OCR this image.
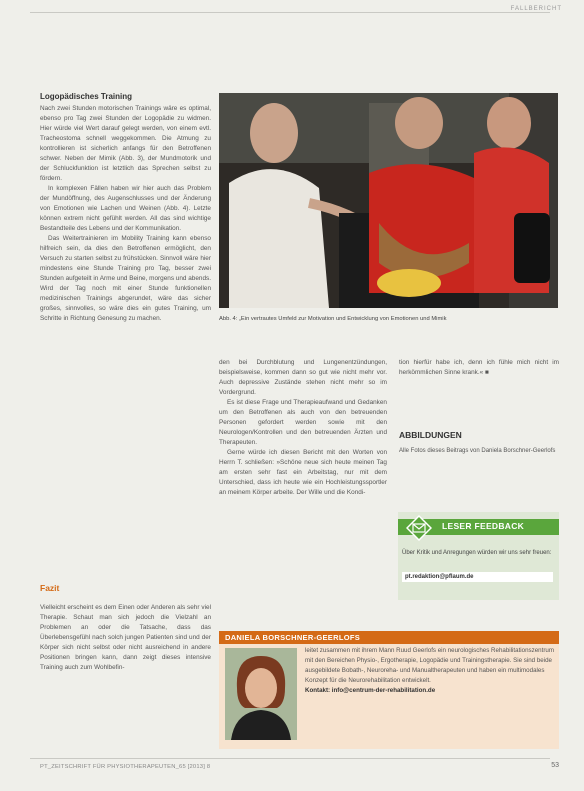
FALLBERICHT

Logopädisches Training

Nach zwei Stunden motorischen Trainings wäre es optimal, ebenso pro Tag zwei Stunden der Logopädie zu widmen. Hier würde viel Wert darauf gelegt werden, von einem evtl. Tracheostoma schnell weggekommen. Die Atmung zu kontrollieren ist sicherlich anfangs für den Betroffenen schwer. Neben der Mimik (Abb. 3), der Mundmotorik und der Schluckfunktion ist letztlich das Sprechen selbst zu fördern.

In komplexen Fällen haben wir hier auch das Problem der Mundöffnung, des Augenschlusses und der Änderung von Emotionen wie Lachen und Weinen (Abb. 4). Letzte können extrem nicht gefühlt werden. All das sind wichtige Bestandteile des Lebens und der Kommunikation.

Das Weitertrainieren im Mobility Training kann ebenso hilfreich sein, da dies den Betroffenen ermöglicht, den Versuch zu starten selbst zu frühstücken. Sinnvoll wäre hier mindestens eine Stunde Training pro Tag, besser zwei Stunden aufgeteilt in Arme und Beine, morgens und abends. Wird der Tag noch mit einer Stunde funktionellen medizinischen Trainings abgerundet, wäre das sicher großes, sinnvolles, so wäre dies ein gutes Training, um Schritte in Richtung Genesung zu machen.

Fazit

Vielleicht erscheint es dem Einen oder Anderen als sehr viel Therapie. Schaut man sich jedoch die Vielzahl an Problemen an oder die Tatsache, dass das Überlebensgefühl nach solch jungen Patienten sind und der Körper sich nicht selbst oder nicht ausreichend in andere Positionen bringen kann, dann zeigt dieses intensive Training auch zum Wohlbefin-

Abb. 4: „Ein vertrautes Umfeld zur Motivation und Entwicklung von Emotionen und Mimik

den bei Durchblutung und Lungenentzündungen, beispielsweise, kommen dann so gut wie nicht mehr vor. Auch depressive Zustände stehen nicht mehr so im Vordergrund.

Es ist diese Frage und Therapieaufwand und Gedanken um den Betroffenen als auch von den betreuenden Personen gefordert werden sowie mit den Neurologen/Kontrollen und den betreuenden Ärzten und Therapeuten.

Gerne würde ich diesen Bericht mit den Worten von Herrn T. schließen: »Schöne neue sich heute meinen Tag am ersten sehr fast ein Arbeitstag, nur mit dem Unterschied, dass ich heute wie ein Hochleistungssportler an meinem Körper arbeite. Der Wille und die Kondi-

tion hierfür habe ich, denn ich fühle mich nicht im herkömmlichen Sinne krank.« ■

ABBILDUNGEN
Alle Fotos dieses Beitrags von Daniela Borschner-Geerlofs
LESER FEEDBACK
Über Kritik und Anregungen würden wir uns sehr freuen:
pt.redaktion@pflaum.de
DANIELA BORSCHNER-GEERLOFS
leitet zusammen mit ihrem Mann Ruud Geerlofs ein neurologisches Rehabilitationszentrum mit den Bereichen Physio-, Ergotherapie, Logopädie und Trainingstherapie. Sie sind beide ausgebildete Bobath-, Neuroreha- und Manualtherapeuten und haben ein multimodales Konzept für die Neurorehabilitation entwickelt.
Kontakt: info@centrum-der-rehabilitation.de
PT_ZEITSCHRIFT FÜR PHYSIOTHERAPEUTEN_65 [2013] 8	53
